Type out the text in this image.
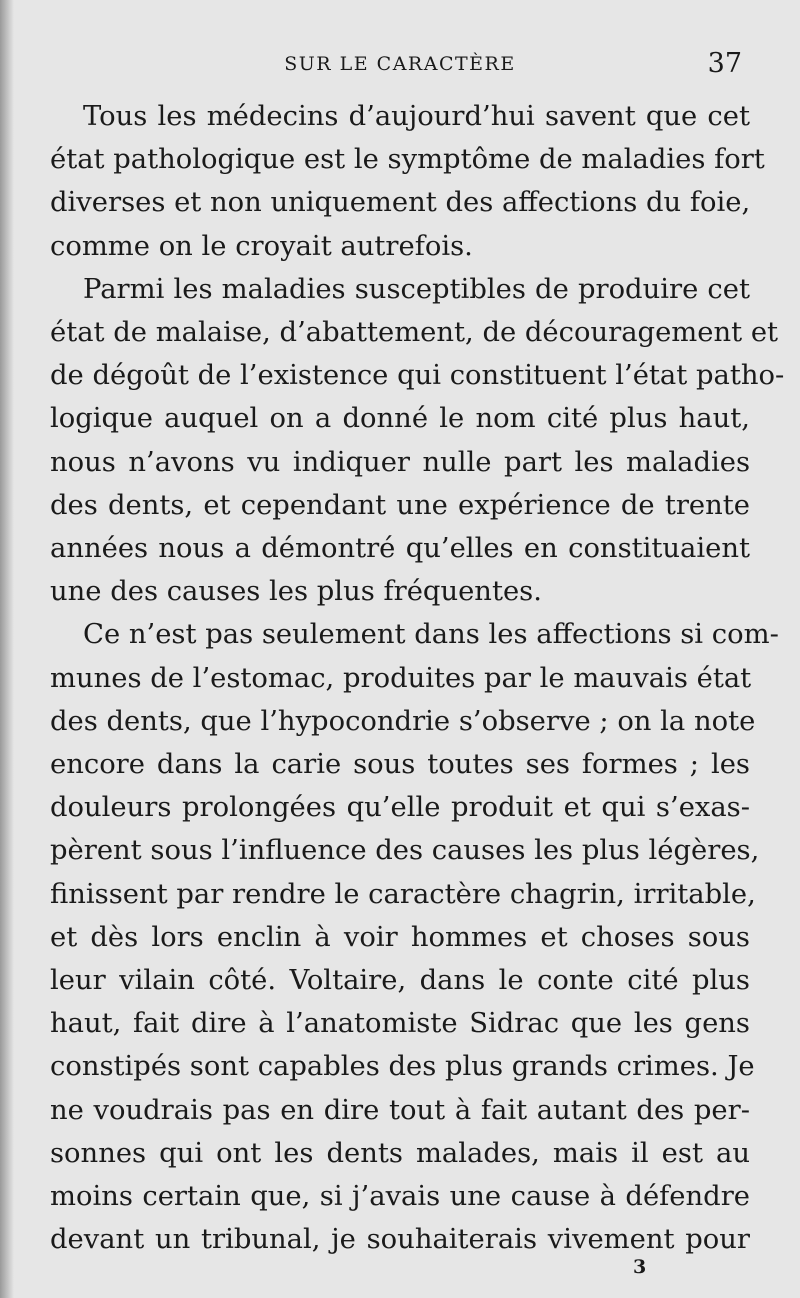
SUR LE CARACTÈRE	37

Tous les médecins d’aujourd’hui savent que cet
état pathologique est le symptôme de maladies fort
diverses et non uniquement des affections du foie,
comme on le croyait autrefois.

Parmi les maladies susceptibles de produire cet
état de malaise, d’abattement, de découragement et
de dégoût de l’existence qui constituent l’état patho-
logique auquel on a donné le nom cité plus haut,
nous n’avons vu indiquer nulle part les maladies
des dents, et cependant une expérience de trente
années nous a démontré qu’elles en constituaient
une des causes les plus fréquentes.

Ce n’est pas seulement dans les affections si com-
munes de l’estomac, produites par le mauvais état
des dents, que l’hypocondrie s’observe ; on la note
encore dans la carie sous toutes ses formes ; les
douleurs prolongées qu’elle produit et qui s’exas-
pèrent sous l’influence des causes les plus légères,
finissent par rendre le caractère chagrin, irritable,
et dès lors enclin à voir hommes et choses sous
leur vilain côté. Voltaire, dans le conte cité plus
haut, fait dire à l’anatomiste Sidrac que les gens
constipés sont capables des plus grands crimes. Je
ne voudrais pas en dire tout à fait autant des per-
sonnes qui ont les dents malades, mais il est au
moins certain que, si j’avais une cause à défendre
devant un tribunal, je souhaiterais vivement pour

3
